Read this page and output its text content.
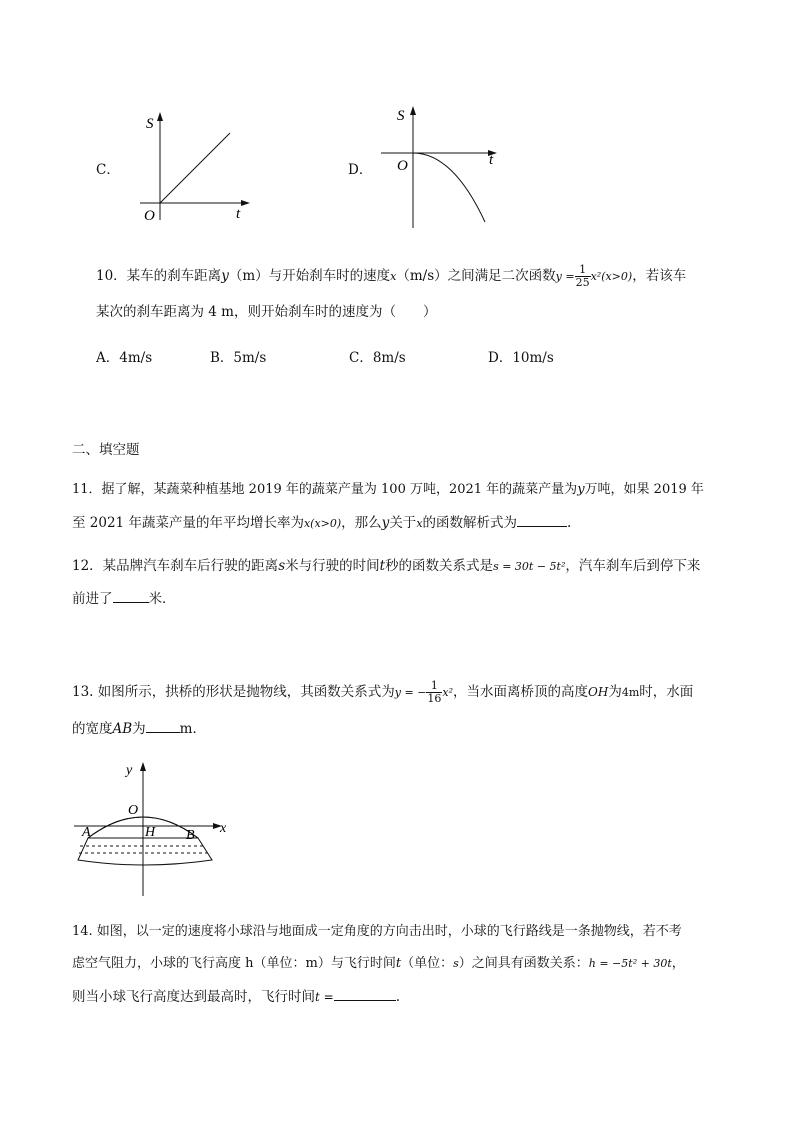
C．
S
t
O
D．
S
t
O
10．某车的刹车距离y（m）与开始刹车时的速度x（m/s）之间满足二次函数$y = \frac{1}{25} x^2(x>0)$，若该车
某次的刹车距离为 4 m，则开始刹车时的速度为（　　）
A．4m/s	B．5m/s	C．8m/s	D．10m/s
二、填空题
11．据了解，某蔬菜种植基地 2019 年的蔬菜产量为 100 万吨，2021 年的蔬菜产量为y万吨，如果 2019 年
至 2021 年蔬菜产量的年平均增长率为x(x>0)，那么y关于x的函数解析式为	.
12．某品牌汽车刹车后行驶的距离s米与行驶的时间t秒的函数关系式是s = 30t − 5t²，汽车刹车后到停下来
前进了	米．
13. 如图所示，拱桥的形状是抛物线，其函数关系式为y = − $\frac{1}{16} x^2$，当水面离桥顶的高度OH为4m时，水面
的宽度AB为	m．
y
x
O
A	H B
14. 如图，以一定的速度将小球沿与地面成一定角度的方向击出时，小球的飞行路线是一条抛物线，若不考
虑空气阻力，小球的飞行高度 h（单位：m）与飞行时间t（单位：s）之间具有函数关系：h = −5t² + 30t，
则当小球飞行高度达到最高时，飞行时间t =	.
